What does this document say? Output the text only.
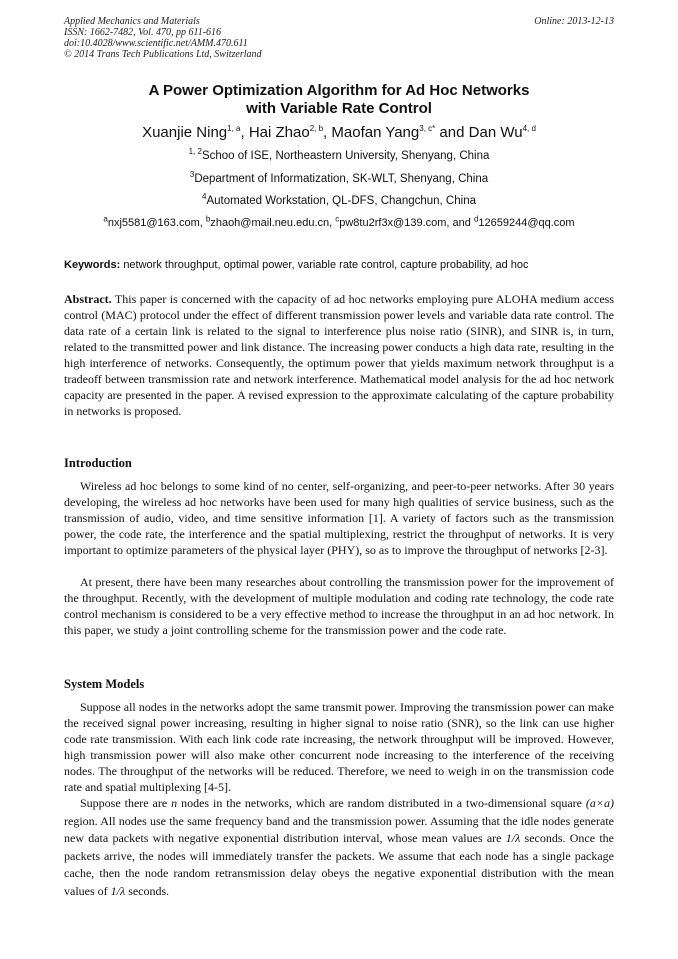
Applied Mechanics and Materials
ISSN: 1662-7482, Vol. 470, pp 611-616
doi:10.4028/www.scientific.net/AMM.470.611
© 2014 Trans Tech Publications Ltd, Switzerland
Online: 2013-12-13
A Power Optimization Algorithm for Ad Hoc Networks
with Variable Rate Control
Xuanjie Ning$^{1, a}$, Hai Zhao$^{2, b}$, Maofan Yang$^{3, c*}$ and Dan Wu$^{4, d}$
$^{1, 2}$Schoo of ISE, Northeastern University, Shenyang, China
$^3$Department of Informatization, SK-WLT, Shenyang, China
$^4$Automated Workstation, QL-DFS, Changchun, China
$^a$nxj5581@163.com, $^b$zhaoh@mail.neu.edu.cn, $^c$pw8tu2rf3x@139.com, and $^d$12659244@qq.com
Keywords: network throughput, optimal power, variable rate control, capture probability, ad hoc
Abstract. This paper is concerned with the capacity of ad hoc networks employing pure ALOHA medium access control (MAC) protocol under the effect of different transmission power levels and variable data rate control. The data rate of a certain link is related to the signal to interference plus noise ratio (SINR), and SINR is, in turn, related to the transmitted power and link distance. The increasing power conducts a high data rate, resulting in the high interference of networks. Consequently, the optimum power that yields maximum network throughput is a tradeoff between transmission rate and network interference. Mathematical model analysis for the ad hoc network capacity are presented in the paper. A revised expression to the approximate calculating of the capture probability in networks is proposed.
Introduction
Wireless ad hoc belongs to some kind of no center, self-organizing, and peer-to-peer networks. After 30 years developing, the wireless ad hoc networks have been used for many high qualities of service business, such as the transmission of audio, video, and time sensitive information [1]. A variety of factors such as the transmission power, the code rate, the interference and the spatial multiplexing, restrict the throughput of networks. It is very important to optimize parameters of the physical layer (PHY), so as to improve the throughput of networks [2-3].
At present, there have been many researches about controlling the transmission power for the improvement of the throughput. Recently, with the development of multiple modulation and coding rate technology, the code rate control mechanism is considered to be a very effective method to increase the throughput in an ad hoc network. In this paper, we study a joint controlling scheme for the transmission power and the code rate.
System Models
Suppose all nodes in the networks adopt the same transmit power. Improving the transmission power can make the received signal power increasing, resulting in higher signal to noise ratio (SNR), so the link can use higher code rate transmission. With each link code rate increasing, the network throughput will be improved. However, high transmission power will also make other concurrent node increasing to the interference of the receiving nodes. The throughput of the networks will be reduced. Therefore, we need to weigh in on the transmission code rate and spatial multiplexing [4-5].
Suppose there are n nodes in the networks, which are random distributed in a two-dimensional square (a×a) region. All nodes use the same frequency band and the transmission power. Assuming that the idle nodes generate new data packets with negative exponential distribution interval, whose mean values are 1/λ seconds. Once the packets arrive, the nodes will immediately transfer the packets. We assume that each node has a single package cache, then the node random retransmission delay obeys the negative exponential distribution with the mean values of 1/λ seconds.
